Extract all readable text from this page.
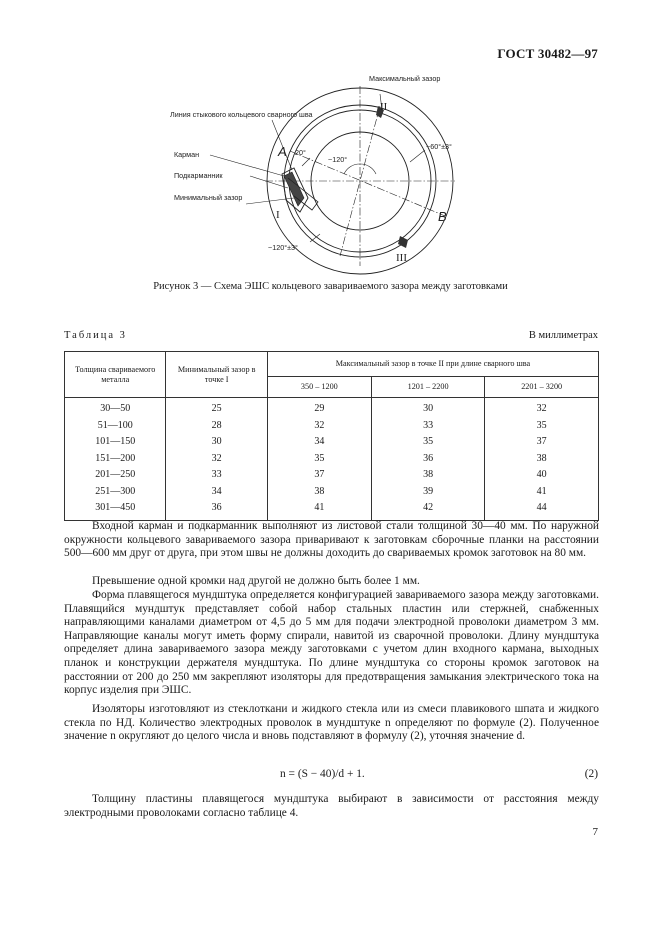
ГОСТ 30482—97
Максимальный зазор
II
Линия стыкового кольцевого сварного шва
Карман
Подкарманник
Минимальный зазор
A
B
I
III
20°
~120°
~60°±3°
~120°±3°
Рисунок 3 — Схема ЭШС кольцевого завариваемого зазора между заготовками
Таблица 3	В миллиметрах
Толщина свариваемого металла	Минимальный зазор в точке I	Максимальный зазор в точке II при длине сварного шва		
		350 – 1200	1201 – 2200	2201 – 3200
30—50	25	29	30	32
51—100	28	32	33	35
101—150	30	34	35	37
151—200	32	35	36	38
201—250	33	37	38	40
251—300	34	38	39	41
301—450	36	41	42	44

Входной карман и подкарманник выполняют из листовой стали толщиной 30—40 мм. По наружной окружности кольцевого завариваемого зазора приваривают к заготовкам сборочные планки на расстоянии 500—600 мм друг от друга, при этом швы не должны доходить до свариваемых кромок заготовок на 80 мм.

Превышение одной кромки над другой не должно быть более 1 мм.

Форма плавящегося мундштука определяется конфигурацией завариваемого зазора между заготовками. Плавящийся мундштук представляет собой набор стальных пластин или стержней, снабженных направляющими каналами диаметром от 4,5 до 5 мм для подачи электродной проволоки диаметром 3 мм. Направляющие каналы могут иметь форму спирали, навитой из сварочной проволоки. Длину мундштука определяет длина завариваемого зазора между заготовками с учетом длин входного кармана, выходных планок и конструкции держателя мундштука. По длине мундштука со стороны кромок заготовок на расстоянии от 200 до 250 мм закрепляют изоляторы для предотвращения замыкания электрического тока на корпус изделия при ЭШС.

Изоляторы изготовляют из стеклоткани и жидкого стекла или из смеси плавикового шпата и жидкого стекла по НД. Количество электродных проволок в мундштуке n определяют по формуле (2). Полученное значение n округляют до целого числа и вновь подставляют в формулу (2), уточняя значение d.

n = (S − 40)/d + 1.	(2)

Толщину пластины плавящегося мундштука выбирают в зависимости от расстояния между электродными проволоками согласно таблице 4.

7
